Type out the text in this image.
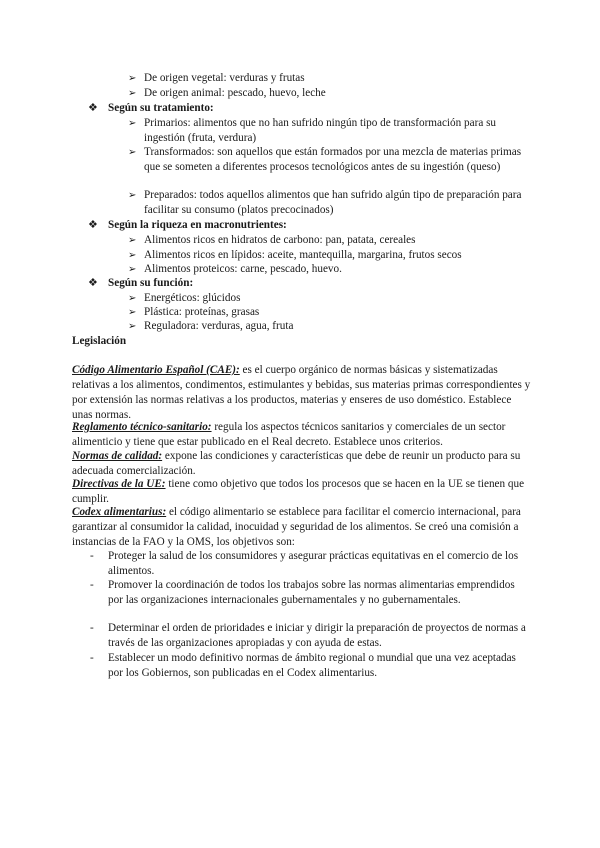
➢ De origen vegetal: verduras y frutas
➢ De origen animal: pescado, huevo, leche
❖ Según su tratamiento:
➢ Primarios: alimentos que no han sufrido ningún tipo de transformación para su ingestión (fruta, verdura)
➢ Transformados: son aquellos que están formados por una mezcla de materias primas que se someten a diferentes procesos tecnológicos antes de su ingestión (queso)
➢ Preparados: todos aquellos alimentos que han sufrido algún tipo de preparación para facilitar su consumo (platos precocinados)
❖ Según la riqueza en macronutrientes:
➢ Alimentos ricos en hidratos de carbono: pan, patata, cereales
➢ Alimentos ricos en lípidos: aceite, mantequilla, margarina, frutos secos
➢ Alimentos proteicos: carne, pescado, huevo.
❖ Según su función:
➢ Energéticos: glúcidos
➢ Plástica: proteínas, grasas
➢ Reguladora: verduras, agua, fruta
Legislación
Código Alimentario Español (CAE): es el cuerpo orgánico de normas básicas y sistematizadas relativas a los alimentos, condimentos, estimulantes y bebidas, sus materias primas correspondientes y por extensión las normas relativas a los productos, materias y enseres de uso doméstico. Establece unas normas.
Reglamento técnico-sanitario: regula los aspectos técnicos sanitarios y comerciales de un sector alimenticio y tiene que estar publicado en el Real decreto. Establece unos criterios.
Normas de calidad: expone las condiciones y características que debe de reunir un producto para su adecuada comercialización.
Directivas de la UE: tiene como objetivo que todos los procesos que se hacen en la UE se tienen que cumplir.
Codex alimentarius: el código alimentario se establece para facilitar el comercio internacional, para garantizar al consumidor la calidad, inocuidad y seguridad de los alimentos. Se creó una comisión a instancias de la FAO y la OMS, los objetivos son:
-	Proteger la salud de los consumidores y asegurar prácticas equitativas en el comercio de los alimentos.
-	Promover la coordinación de todos los trabajos sobre las normas alimentarias emprendidos por las organizaciones internacionales gubernamentales y no gubernamentales.
-	Determinar el orden de prioridades e iniciar y dirigir la preparación de proyectos de normas a través de las organizaciones apropiadas y con ayuda de estas.
-	Establecer un modo definitivo normas de ámbito regional o mundial que una vez aceptadas por los Gobiernos, son publicadas en el Codex alimentarius.
